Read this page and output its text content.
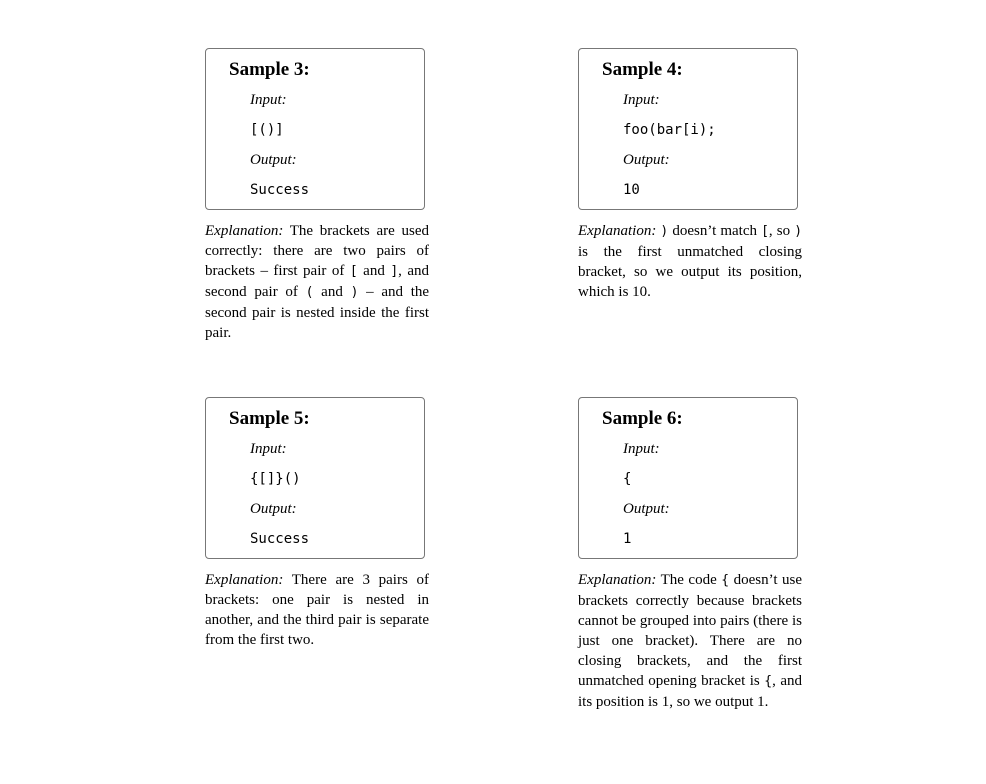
Sample 3:
Input:
[()]
Output:
Success

Explanation: The brackets are used correctly: there are two pairs of brackets – first pair of [ and ], and second pair of ( and ) – and the second pair is nested inside the first pair.

Sample 4:
Input:
foo(bar[i);
Output:
10

Explanation: ) doesn’t match [, so ) is the first unmatched closing bracket, so we output its position, which is 10.

Sample 5:
Input:
{[]}()
Output:
Success

Explanation: There are 3 pairs of brackets: one pair is nested in another, and the third pair is separate from the first two.

Sample 6:
Input:
{
Output:
1

Explanation: The code { doesn’t use brackets correctly because brackets cannot be grouped into pairs (there is just one bracket). There are no closing brackets, and the first unmatched opening bracket is {, and its position is 1, so we output 1.
